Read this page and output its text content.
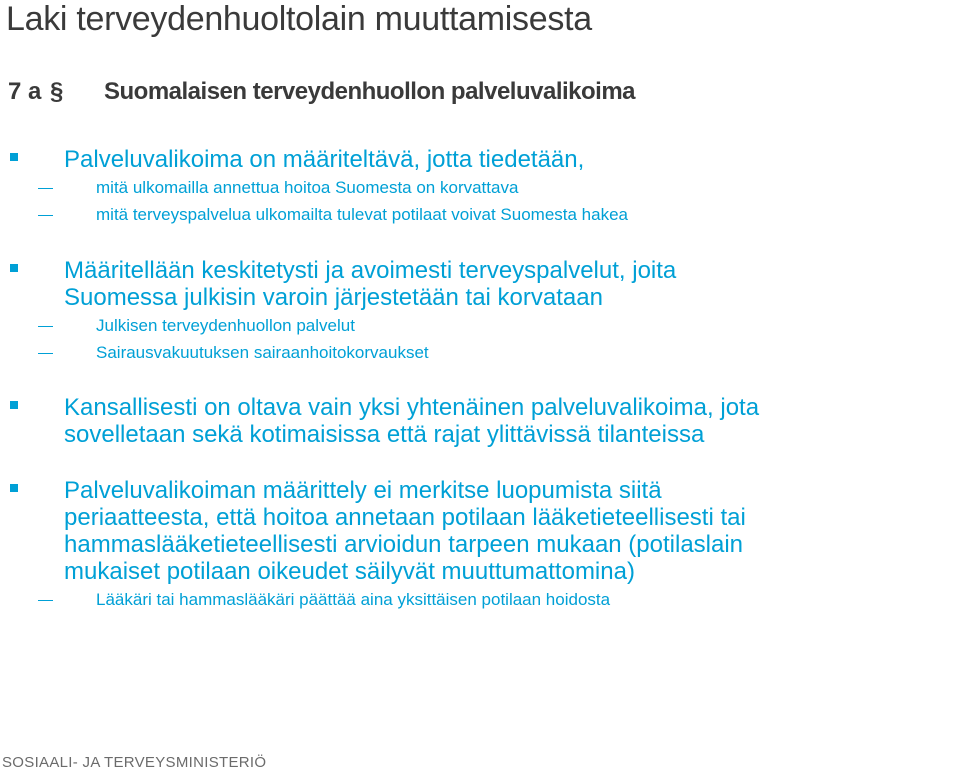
Laki terveydenhuoltolain muuttamisesta
7 a § Suomalaisen terveydenhuollon palveluvalikoima
Palveluvalikoima on määriteltävä, jotta tiedetään,
mitä ulkomailla annettua hoitoa Suomesta on korvattava
mitä terveyspalvelua ulkomailta tulevat potilaat voivat Suomesta hakea
Määritellään keskitetysti ja avoimesti terveyspalvelut, joita
Suomessa julkisin varoin järjestetään tai korvataan
Julkisen terveydenhuollon palvelut
Sairausvakuutuksen sairaanhoitokorvaukset
Kansallisesti on oltava vain yksi yhtenäinen palveluvalikoima, jota
sovelletaan sekä kotimaisissa että rajat ylittävissä tilanteissa
Palveluvalikoiman määrittely ei merkitse luopumista siitä
periaatteesta, että hoitoa annetaan potilaan lääketieteellisesti tai
hammaslääketieteellisesti arvioidun tarpeen mukaan (potilaslain
mukaiset potilaan oikeudet säilyvät muuttumattomina)
Lääkäri tai hammaslääkäri päättää aina yksittäisen potilaan hoidosta
SOSIAALI- JA TERVEYSMINISTERIÖ
